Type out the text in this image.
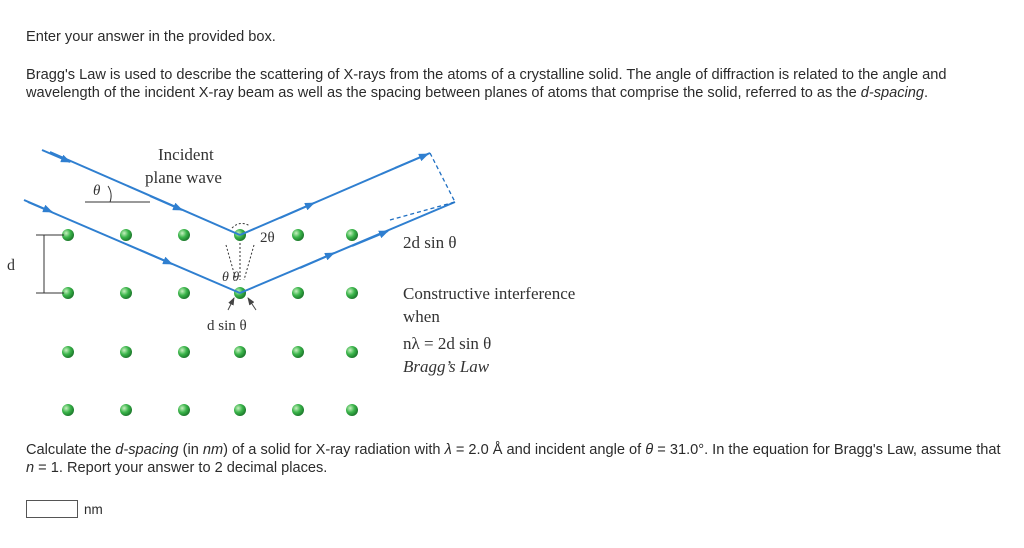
Enter your answer in the provided box.

Bragg's Law is used to describe the scattering of X-rays from the atoms of a crystalline solid. The angle of diffraction is related to the angle and wavelength of the incident X-ray beam as well as the spacing between planes of atoms that comprise the solid, referred to as the d-spacing.

θ
Incident
plane wave
2θ
θ θ
d sin θ
d
2d sin θ
Constructive interference
when
nλ = 2d sin θ
Bragg’s Law

Calculate the d-spacing (in nm) of a solid for X-ray radiation with λ = 2.0 Å and incident angle of θ = 31.0°. In the equation for Bragg's Law, assume that n = 1. Report your answer to 2 decimal places.

nm
